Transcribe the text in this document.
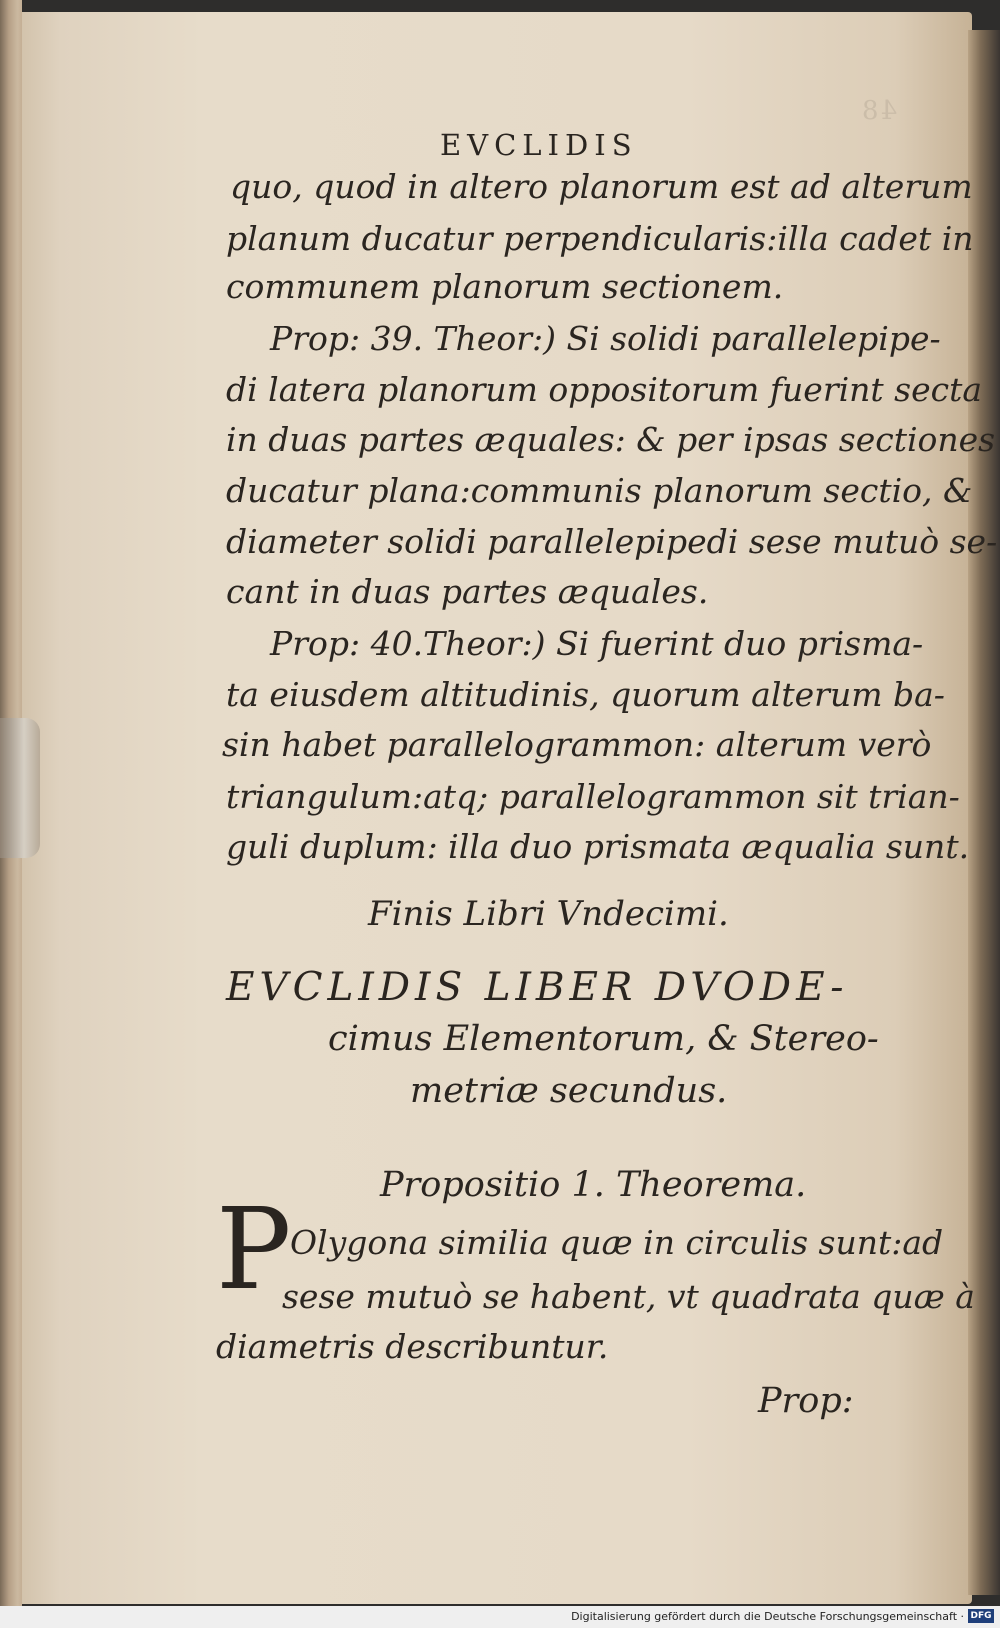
48
EVCLIDIS
quo, quod in altero planorum est ad alterum
planum ducatur perpendicularis:illa cadet in
communem planorum sectionem.
Prop: 39. Theor:) Si solidi parallelepipe-
di latera planorum oppositorum fuerint secta
in duas partes æquales: & per ipsas sectiones
ducatur plana:communis planorum sectio, &
diameter solidi parallelepipedi sese mutuò se-
cant in duas partes æquales.
Prop: 40.Theor:) Si fuerint duo prisma-
ta eiusdem altitudinis, quorum alterum ba-
sin habet parallelogrammon: alterum verò
triangulum:atq; parallelogrammon sit trian-
guli duplum: illa duo prismata æqualia sunt.
Finis Libri Vndecimi.
EVCLIDIS LIBER DVODE-
cimus Elementorum, & Stereo-
metriæ secundus.
Propositio 1. Theorema.
Olygona similia quæ in circulis sunt:ad
sese mutuò se habent, vt quadrata quæ à
diametris describuntur.
Prop:
P
Digitalisierung gefördert durch die Deutsche Forschungsgemeinschaft · DFG
